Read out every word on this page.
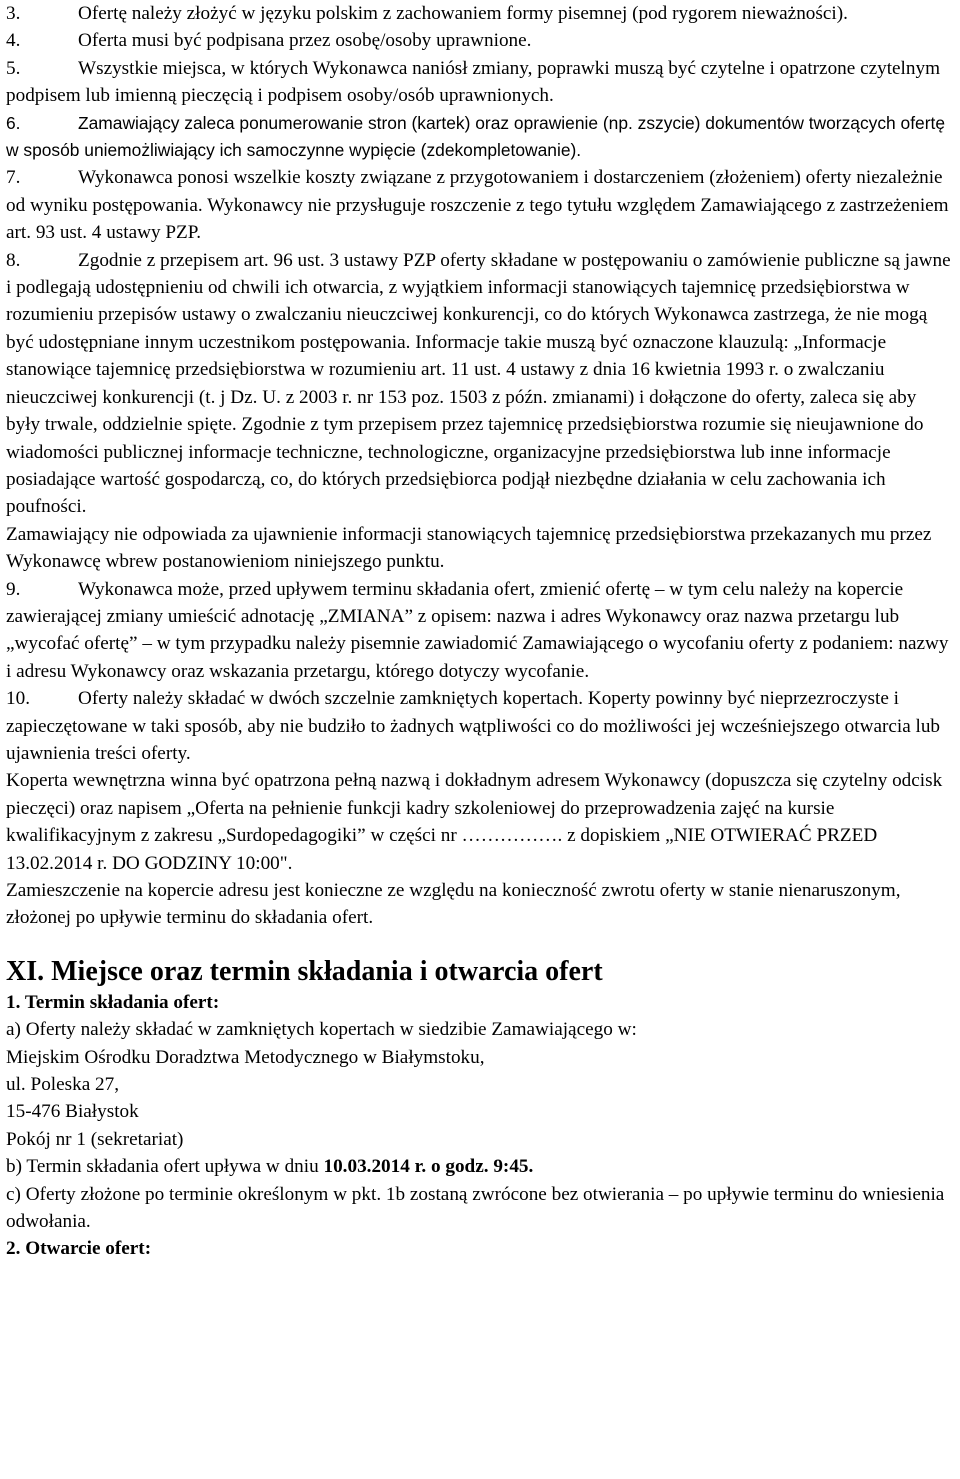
3.	Ofertę należy złożyć w języku polskim z zachowaniem formy pisemnej (pod rygorem nieważności).

4.	Oferta musi być podpisana przez osobę/osoby uprawnione.

5.	Wszystkie miejsca, w których Wykonawca naniósł zmiany, poprawki muszą być czytelne i opatrzone czytelnym podpisem lub imienną pieczęcią i podpisem osoby/osób uprawnionych.

6.	Zamawiający zaleca ponumerowanie stron (kartek) oraz oprawienie (np. zszycie) dokumentów tworzących ofertę w sposób uniemożliwiający ich samoczynne wypięcie (zdekompletowanie).

7.	Wykonawca ponosi wszelkie koszty związane z przygotowaniem i dostarczeniem (złożeniem) oferty niezależnie od wyniku postępowania. Wykonawcy nie przysługuje roszczenie z tego tytułu względem Zamawiającego z zastrzeżeniem art. 93 ust. 4 ustawy PZP.

8.	Zgodnie z przepisem art. 96 ust. 3 ustawy PZP oferty składane w postępowaniu o zamówienie publiczne są jawne i podlegają udostępnieniu od chwili ich otwarcia, z wyjątkiem informacji stanowiących tajemnicę przedsiębiorstwa w rozumieniu przepisów ustawy o zwalczaniu nieuczciwej konkurencji, co do których Wykonawca zastrzega, że nie mogą być udostępniane innym uczestnikom postępowania. Informacje takie muszą być oznaczone klauzulą: „Informacje stanowiące tajemnicę przedsiębiorstwa w rozumieniu art. 11 ust. 4 ustawy z dnia 16 kwietnia 1993 r. o zwalczaniu nieuczciwej konkurencji (t. j Dz. U. z 2003 r. nr 153 poz. 1503 z późn. zmianami) i dołączone do oferty, zaleca się aby były trwale, oddzielnie spięte. Zgodnie z tym przepisem przez tajemnicę przedsiębiorstwa rozumie się nieujawnione do wiadomości publicznej informacje techniczne, technologiczne, organizacyjne przedsiębiorstwa lub inne informacje posiadające wartość gospodarczą, co, do których przedsiębiorca podjął niezbędne działania w celu zachowania ich poufności.

Zamawiający nie odpowiada za ujawnienie informacji stanowiących tajemnicę przedsiębiorstwa przekazanych mu przez Wykonawcę wbrew postanowieniom niniejszego punktu.

9.	Wykonawca może, przed upływem terminu składania ofert, zmienić ofertę – w tym celu należy na kopercie zawierającej zmiany umieścić adnotację „ZMIANA” z opisem: nazwa i adres Wykonawcy oraz nazwa przetargu lub „wycofać ofertę” – w tym przypadku należy pisemnie zawiadomić Zamawiającego o wycofaniu oferty z podaniem: nazwy i adresu Wykonawcy oraz wskazania przetargu, którego dotyczy wycofanie.

10.	Oferty należy składać w dwóch szczelnie zamkniętych kopertach. Koperty powinny być nieprzezroczyste i zapieczętowane w taki sposób, aby nie budziło to żadnych wątpliwości co do możliwości jej wcześniejszego otwarcia lub ujawnienia treści oferty.

Koperta wewnętrzna winna być opatrzona pełną nazwą i dokładnym adresem Wykonawcy (dopuszcza się czytelny odcisk pieczęci) oraz napisem „Oferta na pełnienie funkcji kadry szkoleniowej do przeprowadzenia zajęć na kursie kwalifikacyjnym z zakresu „Surdopedagogiki” w części nr ……………. z dopiskiem „NIE OTWIERAĆ PRZED 13.02.2014 r. DO GODZINY 10:00".

Zamieszczenie na kopercie adresu jest konieczne ze względu na konieczność zwrotu oferty w stanie nienaruszonym, złożonej po upływie terminu do składania ofert.

XI. Miejsce oraz termin składania i otwarcia ofert

1. Termin składania ofert:

a) Oferty należy składać w zamkniętych kopertach w siedzibie Zamawiającego w:

Miejskim Ośrodku Doradztwa Metodycznego w Białymstoku,

ul. Poleska 27,

15-476 Białystok

Pokój nr 1 (sekretariat)

b) Termin składania ofert upływa w dniu 10.03.2014 r. o godz. 9:45.

c) Oferty złożone po terminie określonym w pkt. 1b zostaną zwrócone bez otwierania – po upływie terminu do wniesienia odwołania.

2. Otwarcie ofert:
